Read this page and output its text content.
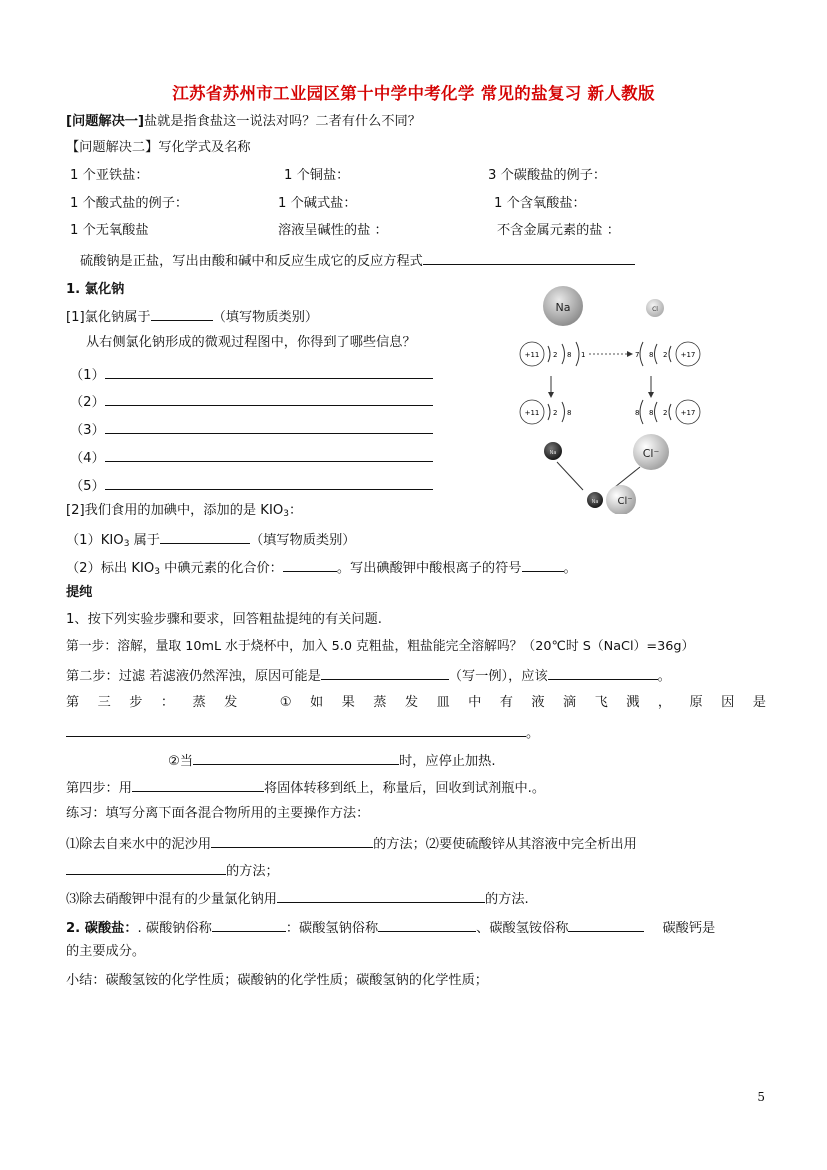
江苏省苏州市工业园区第十中学中考化学 常见的盐复习 新人教版
[问题解决一]盐就是指食盐这一说法对吗？二者有什么不同？
【问题解决二】写化学式及名称
1 个亚铁盐：	1 个铜盐：	3 个碳酸盐的例子：
1 个酸式盐的例子：	1 个碱式盐：	1 个含氧酸盐：
1 个无氧酸盐	溶液呈碱性的盐 ：	不含金属元素的盐 ：
硫酸钠是正盐，写出由酸和碱中和反应生成它的反应方程式
1. 氯化钠
[1]氯化钠属于	（填写物质类别）
从右侧氯化钠形成的微观过程图中，你得到了哪些信息？
（1）
（2）
（3）
（4）
（5）
[2]我们食用的加碘中，添加的是 $KIO_3$：
$(1)KIO_3$ 属于	（填写物质类别）
（2）标出 $KIO_3$ 中碘元素的化合价：	。写出碘酸钾中酸根离子的符号	。
Na	Cl
+11 2 8 1	7 8 2 +17
+11 2 8	8 8 2 +17
Na	Cl⁻
Na Cl⁻
提纯
1、按下列实验步骤和要求，回答粗盐提纯的有关问题.
第一步：溶解，量取 10mL 水于烧杯中，加入 5.0 克粗盐，粗盐能完全溶解吗？（20℃时 S（NaCl）=36g）
第二步：过滤 若滤液仍然浑浊，原因可能是	（写一例），应该	。
第 三 步 ： 蒸 发	① 如 果 蒸 发 皿 中 有 液 滴 飞 溅 ， 原 因 是
。
②当	时，应停止加热.
第四步：用	将固体转移到纸上，称量后，回收到试剂瓶中.。
练习：填写分离下面各混合物所用的主要操作方法：
⑴除去自来水中的泥沙用	的方法；⑵要使硫酸锌从其溶液中完全析出用
的方法；
⑶除去硝酸钾中混有的少量氯化钠用	的方法.
2. 碳酸盐：. 碳酸钠俗称	：碳酸氢钠俗称	、碳酸氢铵俗称	碳酸钙是
的主要成分。
小结：碳酸氢铵的化学性质；碳酸钠的化学性质；碳酸氢钠的化学性质；
5
